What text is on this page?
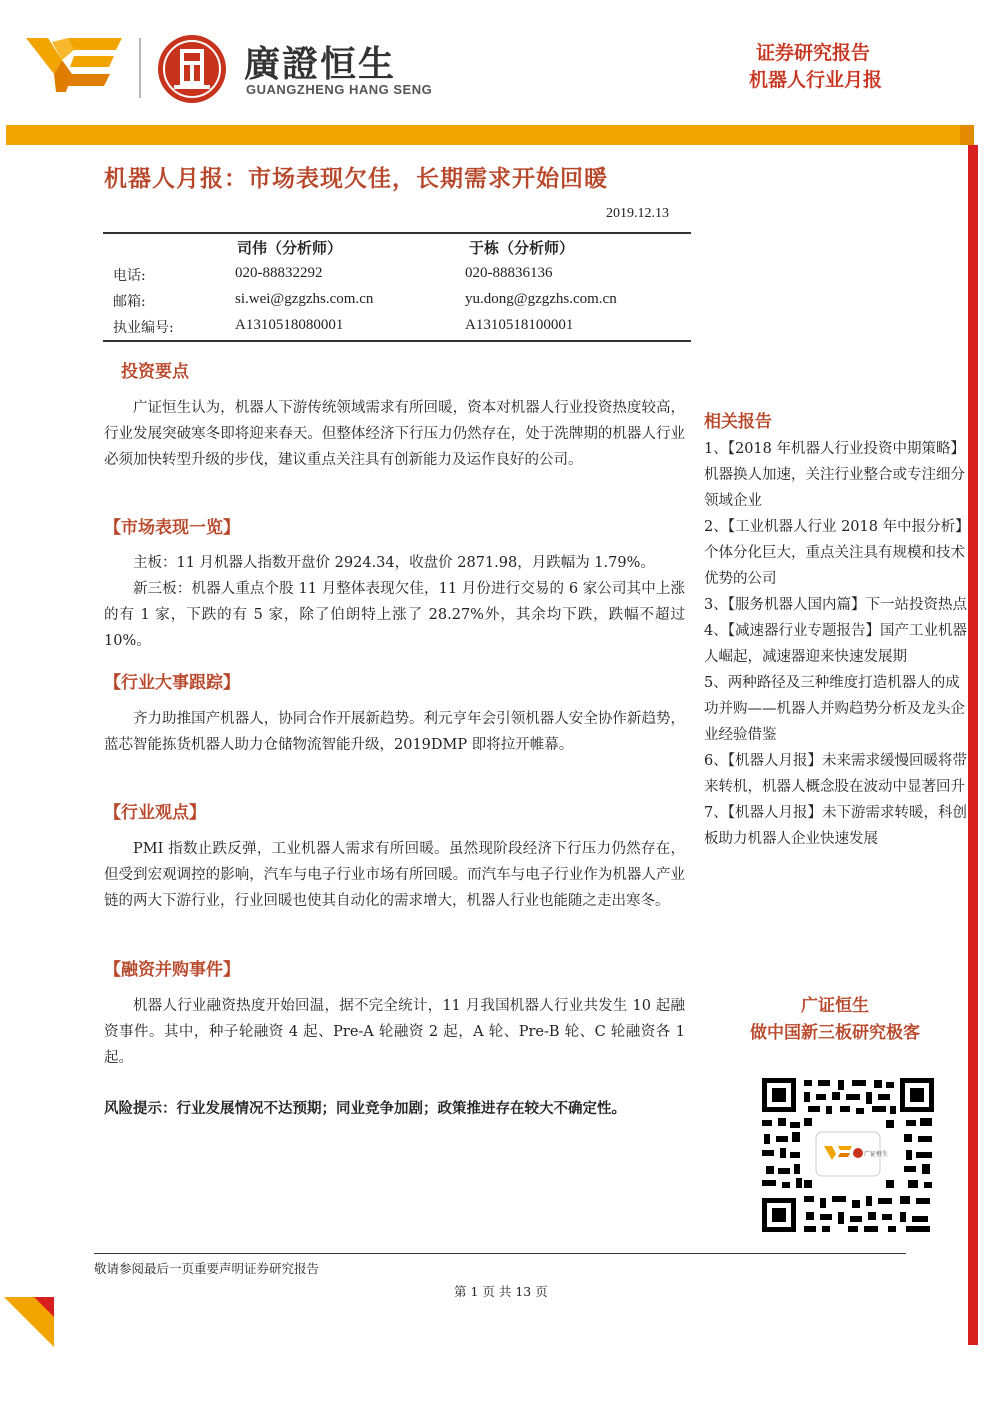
廣證恒生
GUANGZHENG HANG SENG
证券研究报告
机器人行业月报
机器人月报：市场表现欠佳，长期需求开始回暖
2019.12.13
司伟（分析师）	于栋（分析师）
电话:	020-88832292	020-88836136
邮箱:	si.wei@gzgzhs.com.cn	yu.dong@gzgzhs.com.cn
执业编号:	A1310518080001	A1310518100001
投资要点
广证恒生认为，机器人下游传统领域需求有所回暖，资本对机器人行业投资热度较高，行业发展突破寒冬即将迎来春天。但整体经济下行压力仍然存在，处于洗牌期的机器人行业必须加快转型升级的步伐，建议重点关注具有创新能力及运作良好的公司。
【市场表现一览】
主板：11 月机器人指数开盘价 2924.34，收盘价 2871.98，月跌幅为 1.79%。
新三板：机器人重点个股 11 月整体表现欠佳，11 月份进行交易的 6 家公司其中上涨的有 1 家，下跌的有 5 家，除了伯朗特上涨了 28.27%外，其余均下跌，跌幅不超过 10%。
【行业大事跟踪】
齐力助推国产机器人，协同合作开展新趋势。利元亨年会引领机器人安全协作新趋势，蓝芯智能拣货机器人助力仓储物流智能升级，2019DMP 即将拉开帷幕。
【行业观点】
PMI 指数止跌反弹，工业机器人需求有所回暖。虽然现阶段经济下行压力仍然存在，但受到宏观调控的影响，汽车与电子行业市场有所回暖。而汽车与电子行业作为机器人产业链的两大下游行业，行业回暖也使其自动化的需求增大，机器人行业也能随之走出寒冬。
【融资并购事件】
机器人行业融资热度开始回温，据不完全统计，11 月我国机器人行业共发生 10 起融资事件。其中，种子轮融资 4 起、Pre-A 轮融资 2 起，A 轮、Pre-B 轮、C 轮融资各 1 起。
风险提示：行业发展情况不达预期；同业竞争加剧；政策推进存在较大不确定性。
相关报告
1、【2018 年机器人行业投资中期策略】机器换人加速，关注行业整合或专注细分领域企业
2、【工业机器人行业 2018 年中报分析】个体分化巨大，重点关注具有规模和技术优势的公司
3、【服务机器人国内篇】下一站投资热点
4、【减速器行业专题报告】国产工业机器人崛起，减速器迎来快速发展期
5、两种路径及三种维度打造机器人的成功并购——机器人并购趋势分析及龙头企业经验借鉴
6、【机器人月报】未来需求缓慢回暖将带来转机，机器人概念股在波动中显著回升
7、【机器人月报】未下游需求转暖，科创板助力机器人企业快速发展
广证恒生
做中国新三板研究极客
广证恒生
敬请参阅最后一页重要声明证券研究报告
第 1 页 共 13 页
